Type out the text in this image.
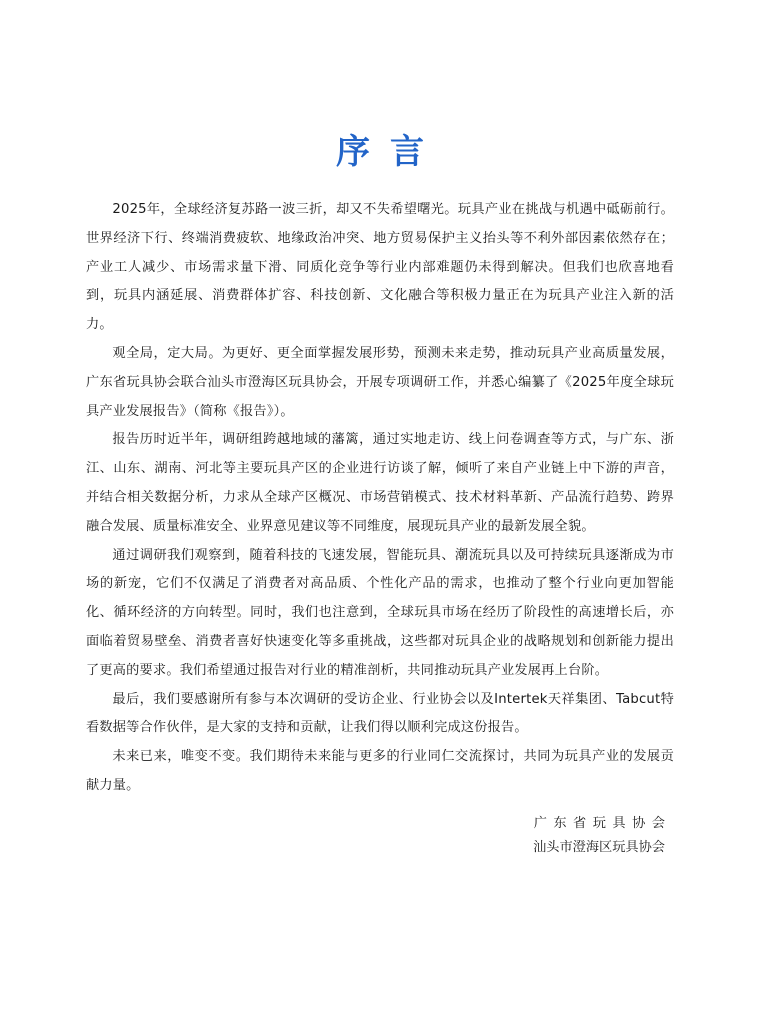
序言

2025年，全球经济复苏路一波三折，却又不失希望曙光。玩具产业在挑战与机遇中砥砺前行。世界经济下行、终端消费疲软、地缘政治冲突、地方贸易保护主义抬头等不利外部因素依然存在；产业工人减少、市场需求量下滑、同质化竞争等行业内部难题仍未得到解决。但我们也欣喜地看到，玩具内涵延展、消费群体扩容、科技创新、文化融合等积极力量正在为玩具产业注入新的活力。

观全局，定大局。为更好、更全面掌握发展形势，预测未来走势，推动玩具产业高质量发展，广东省玩具协会联合汕头市澄海区玩具协会，开展专项调研工作，并悉心编纂了《2025年度全球玩具产业发展报告》（简称《报告》）。

报告历时近半年，调研组跨越地域的藩篱，通过实地走访、线上问卷调查等方式，与广东、浙江、山东、湖南、河北等主要玩具产区的企业进行访谈了解，倾听了来自产业链上中下游的声音，并结合相关数据分析，力求从全球产区概况、市场营销模式、技术材料革新、产品流行趋势、跨界融合发展、质量标准安全、业界意见建议等不同维度，展现玩具产业的最新发展全貌。

通过调研我们观察到，随着科技的飞速发展，智能玩具、潮流玩具以及可持续玩具逐渐成为市场的新宠，它们不仅满足了消费者对高品质、个性化产品的需求，也推动了整个行业向更加智能化、循环经济的方向转型。同时，我们也注意到，全球玩具市场在经历了阶段性的高速增长后，亦面临着贸易壁垒、消费者喜好快速变化等多重挑战，这些都对玩具企业的战略规划和创新能力提出了更高的要求。我们希望通过报告对行业的精准剖析，共同推动玩具产业发展再上台阶。

最后，我们要感谢所有参与本次调研的受访企业、行业协会以及Intertek天祥集团、Tabcut特看数据等合作伙伴，是大家的支持和贡献，让我们得以顺利完成这份报告。

未来已来，唯变不变。我们期待未来能与更多的行业同仁交流探讨，共同为玩具产业的发展贡献力量。

广东省玩具协会
汕头市澄海区玩具协会
